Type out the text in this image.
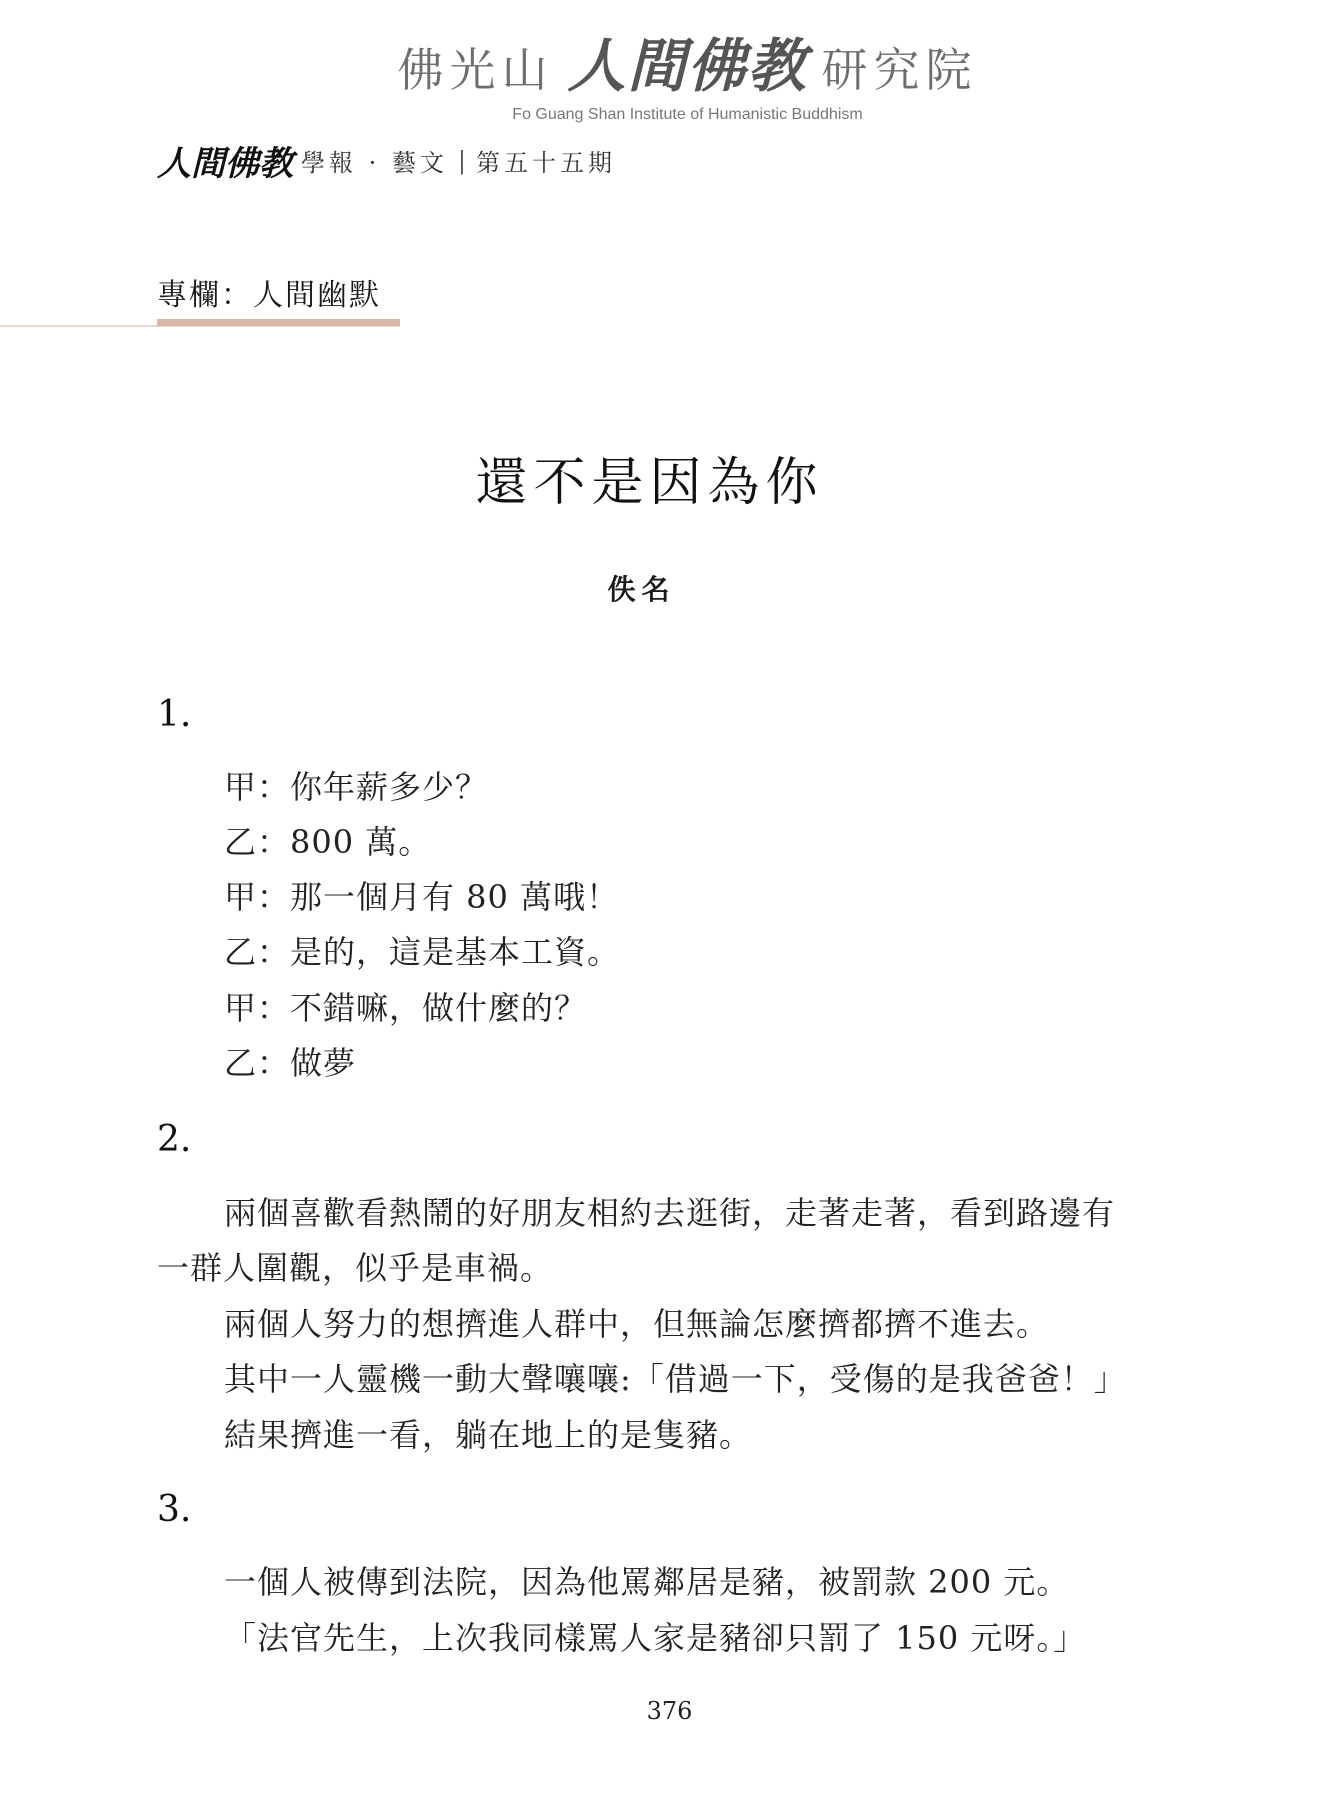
佛光山 人間佛教 研究院
Fo Guang Shan Institute of Humanistic Buddhism
人間佛教 學報 · 藝文 | 第五十五期
專欄：人間幽默
還不是因為你
佚名
1.
甲：你年薪多少？
乙：800 萬。
甲：那一個月有 80 萬哦！
乙：是的，這是基本工資。
甲：不錯嘛，做什麼的？
乙：做夢
2.
兩個喜歡看熱鬧的好朋友相約去逛街，走著走著，看到路邊有
一群人圍觀，似乎是車禍。
兩個人努力的想擠進人群中，但無論怎麼擠都擠不進去。
其中一人靈機一動大聲嚷嚷:「借過一下，受傷的是我爸爸！」
結果擠進一看，躺在地上的是隻豬。
3.
一個人被傳到法院，因為他罵鄰居是豬，被罰款 200 元。
「法官先生，上次我同樣罵人家是豬卻只罰了 150 元呀。」
376
